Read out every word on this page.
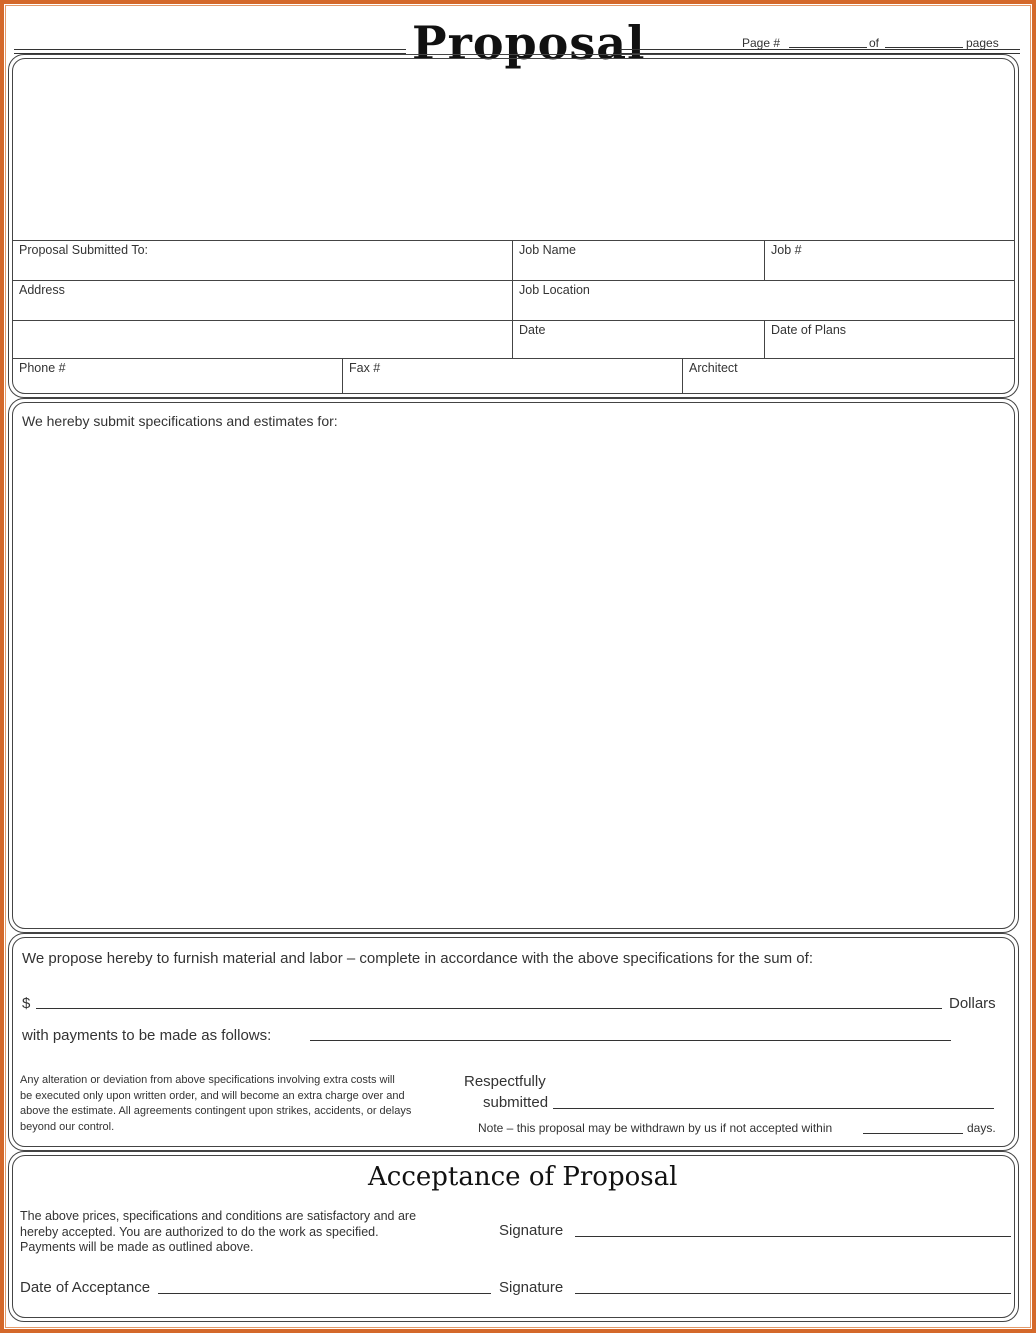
Proposal	Page #	of	pages
Proposal Submitted To:	Job Name	Job #
Address	Job Location
Date	Date of Plans
Phone #	Fax #	Architect
We hereby submit specifications and estimates for:
We propose hereby to furnish material and labor – complete in accordance with the above specifications for the sum of:
$	Dollars
with payments to be made as follows:
Any alteration or deviation from above specifications involving extra costs will
be executed only upon written order, and will become an extra charge over and
above the estimate. All agreements contingent upon strikes, accidents, or delays
beyond our control.
Respectfully
submitted
Note – this proposal may be withdrawn by us if not accepted within	days.
Acceptance of Proposal
The above prices, specifications and conditions are satisfactory and are
hereby accepted. You are authorized to do the work as specified.
Payments will be made as outlined above.
Signature
Date of Acceptance	Signature
